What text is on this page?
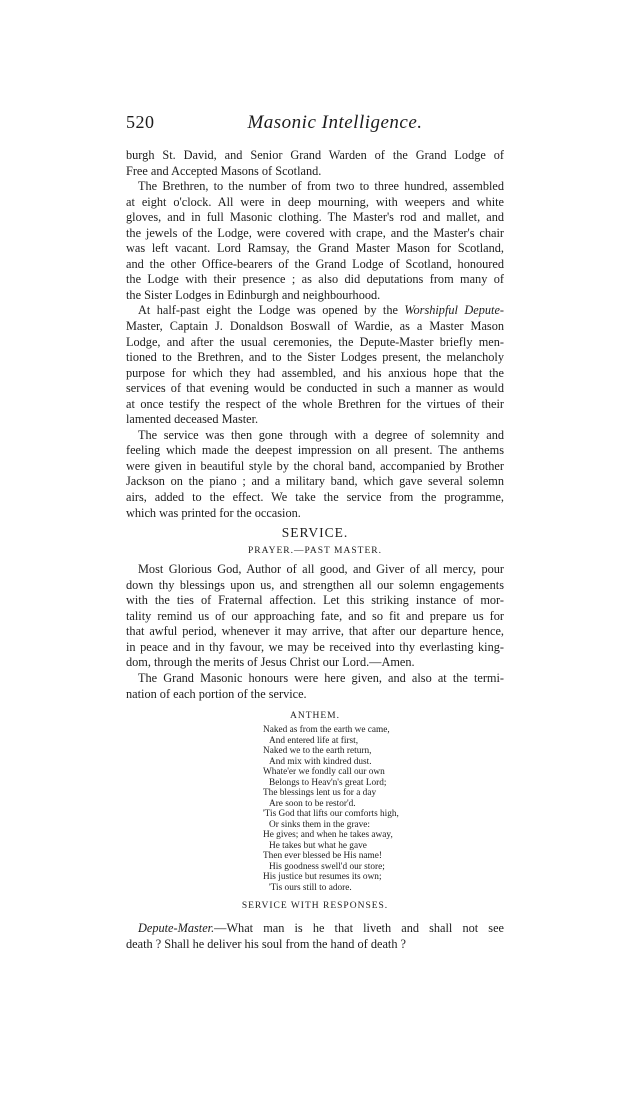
520	Masonic Intelligence.
burgh St. David, and Senior Grand Warden of the Grand Lodge of
Free and Accepted Masons of Scotland.
The Brethren, to the number of from two to three hundred, assembled
at eight o'clock. All were in deep mourning, with weepers and white
gloves, and in full Masonic clothing. The Master's rod and mallet, and
the jewels of the Lodge, were covered with crape, and the Master's chair
was left vacant. Lord Ramsay, the Grand Master Mason for Scotland,
and the other Office-bearers of the Grand Lodge of Scotland, honoured
the Lodge with their presence ; as also did deputations from many of
the Sister Lodges in Edinburgh and neighbourhood.
At half-past eight the Lodge was opened by the Worshipful Depute-
Master, Captain J. Donaldson Boswall of Wardie, as a Master Mason
Lodge, and after the usual ceremonies, the Depute-Master briefly men-
tioned to the Brethren, and to the Sister Lodges present, the melancholy
purpose for which they had assembled, and his anxious hope that the
services of that evening would be conducted in such a manner as would
at once testify the respect of the whole Brethren for the virtues of their
lamented deceased Master.
The service was then gone through with a degree of solemnity and
feeling which made the deepest impression on all present. The anthems
were given in beautiful style by the choral band, accompanied by Brother
Jackson on the piano ; and a military band, which gave several solemn
airs, added to the effect. We take the service from the programme,
which was printed for the occasion.
SERVICE.
PRAYER.—PAST MASTER.
Most Glorious God, Author of all good, and Giver of all mercy, pour
down thy blessings upon us, and strengthen all our solemn engagements
with the ties of Fraternal affection. Let this striking instance of mor-
tality remind us of our approaching fate, and so fit and prepare us for
that awful period, whenever it may arrive, that after our departure hence,
in peace and in thy favour, we may be received into thy everlasting king-
dom, through the merits of Jesus Christ our Lord.—Amen.
The Grand Masonic honours were here given, and also at the termi-
nation of each portion of the service.
ANTHEM.
Naked as from the earth we came,
And entered life at first,
Naked we to the earth return,
And mix with kindred dust.
Whate'er we fondly call our own
Belongs to Heav'n's great Lord;
The blessings lent us for a day
Are soon to be restor'd.
'Tis God that lifts our comforts high,
Or sinks them in the grave:
He gives; and when he takes away,
He takes but what he gave
Then ever blessed be His name!
His goodness swell'd our store;
His justice but resumes its own;
'Tis ours still to adore.
SERVICE WITH RESPONSES.
Depute-Master.—What man is he that liveth and shall not see
death ? Shall he deliver his soul from the hand of death ?
